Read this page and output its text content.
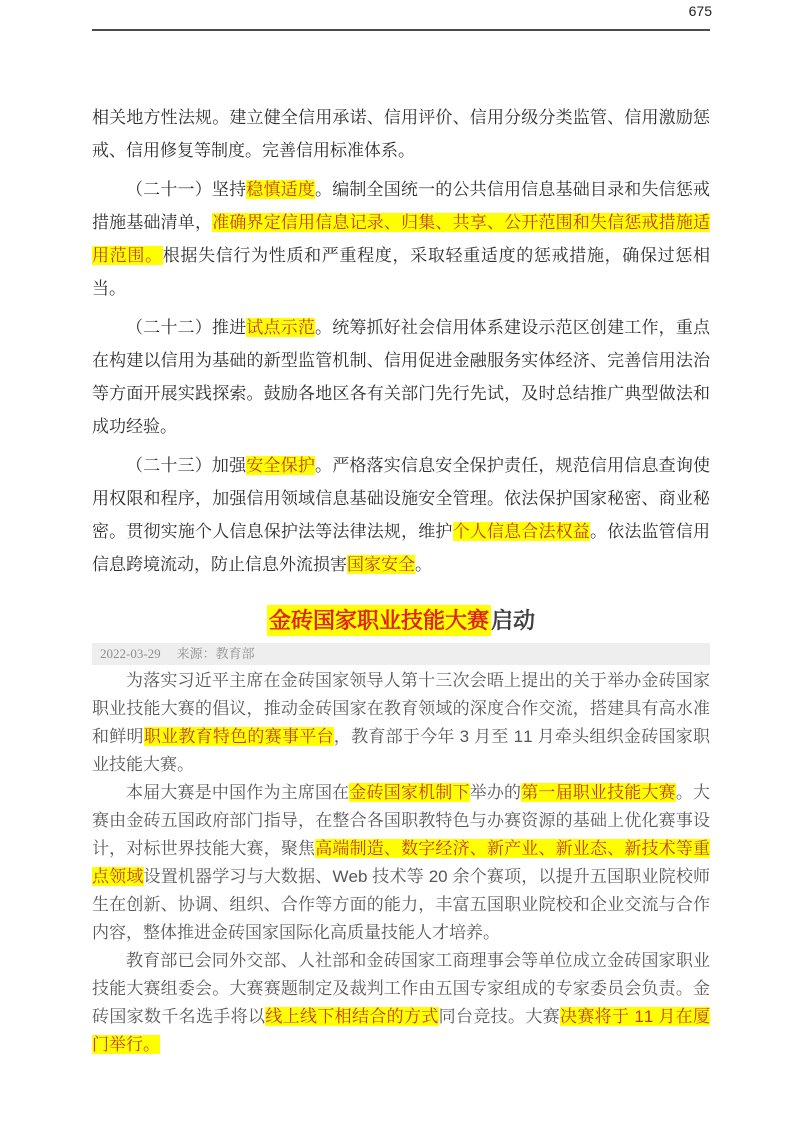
675

相关地方性法规。建立健全信用承诺、信用评价、信用分级分类监管、信用激励惩戒、信用修复等制度。完善信用标准体系。

（二十一）坚持稳慎适度。编制全国统一的公共信用信息基础目录和失信惩戒措施基础清单，准确界定信用信息记录、归集、共享、公开范围和失信惩戒措施适用范围。根据失信行为性质和严重程度，采取轻重适度的惩戒措施，确保过惩相当。

（二十二）推进试点示范。统筹抓好社会信用体系建设示范区创建工作，重点在构建以信用为基础的新型监管机制、信用促进金融服务实体经济、完善信用法治等方面开展实践探索。鼓励各地区各有关部门先行先试，及时总结推广典型做法和成功经验。

（二十三）加强安全保护。严格落实信息安全保护责任，规范信用信息查询使用权限和程序，加强信用领域信息基础设施安全管理。依法保护国家秘密、商业秘密。贯彻实施个人信息保护法等法律法规，维护个人信息合法权益。依法监管信用信息跨境流动，防止信息外流损害国家安全。

金砖国家职业技能大赛启动
2022-03-29 来源：教育部

为落实习近平主席在金砖国家领导人第十三次会晤上提出的关于举办金砖国家职业技能大赛的倡议，推动金砖国家在教育领域的深度合作交流，搭建具有高水准和鲜明职业教育特色的赛事平台，教育部于今年 3 月至 11 月牵头组织金砖国家职业技能大赛。

本届大赛是中国作为主席国在金砖国家机制下举办的第一届职业技能大赛。大赛由金砖五国政府部门指导，在整合各国职教特色与办赛资源的基础上优化赛事设计，对标世界技能大赛，聚焦高端制造、数字经济、新产业、新业态、新技术等重点领域设置机器学习与大数据、Web 技术等 20 余个赛项，以提升五国职业院校师生在创新、协调、组织、合作等方面的能力，丰富五国职业院校和企业交流与合作内容，整体推进金砖国家国际化高质量技能人才培养。

教育部已会同外交部、人社部和金砖国家工商理事会等单位成立金砖国家职业技能大赛组委会。大赛赛题制定及裁判工作由五国专家组成的专家委员会负责。金砖国家数千名选手将以线上线下相结合的方式同台竞技。大赛决赛将于 11 月在厦门举行。
